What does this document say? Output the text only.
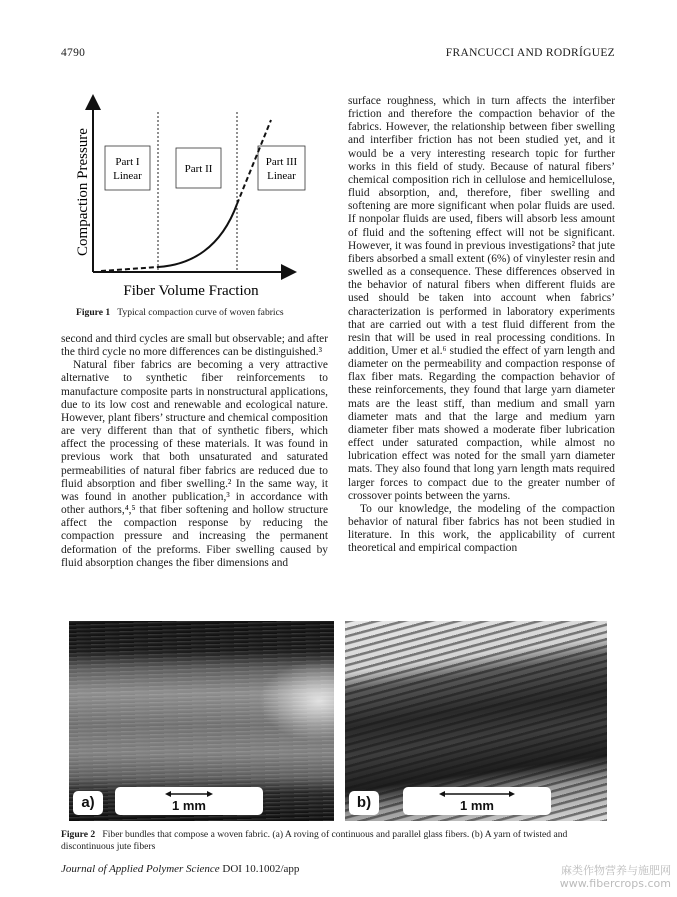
4790	FRANCUCCI AND RODRÍGUEZ
Part I
Linear
Part II
Part III
Linear
Compaction Pressure
Fiber Volume Fraction
Figure 1 Typical compaction curve of woven fabrics

second and third cycles are small but observable; and after the third cycle no more differences can be distinguished.³

Natural fiber fabrics are becoming a very attractive alternative to synthetic fiber reinforcements to manufacture composite parts in nonstructural applications, due to its low cost and renewable and ecological nature. However, plant fibers’ structure and chemical composition are very different than that of synthetic fibers, which affect the processing of these materials. It was found in previous work that both unsaturated and saturated permeabilities of natural fiber fabrics are reduced due to fluid absorption and fiber swelling.² In the same way, it was found in another publication,³ in accordance with other authors,⁴,⁵ that fiber softening and hollow structure affect the compaction response by reducing the compaction pressure and increasing the permanent deformation of the preforms. Fiber swelling caused by fluid absorption changes the fiber dimensions and

surface roughness, which in turn affects the interfiber friction and therefore the compaction behavior of the fabrics. However, the relationship between fiber swelling and interfiber friction has not been studied yet, and it would be a very interesting research topic for further works in this field of study. Because of natural fibers’ chemical composition rich in cellulose and hemicellulose, fluid absorption, and, therefore, fiber swelling and softening are more significant when polar fluids are used. If nonpolar fluids are used, fibers will absorb less amount of fluid and the softening effect will not be significant. However, it was found in previous investigations² that jute fibers absorbed a small extent (6%) of vinylester resin and swelled as a consequence. These differences observed in the behavior of natural fibers when different fluids are used should be taken into account when fabrics’ characterization is performed in laboratory experiments that are carried out with a test fluid different from the resin that will be used in real processing conditions. In addition, Umer et al.⁶ studied the effect of yarn length and diameter on the permeability and compaction response of flax fiber mats. Regarding the compaction behavior of these reinforcements, they found that large yarn diameter mats are the least stiff, than medium and small yarn diameter mats and that the large and medium yarn diameter fiber mats showed a moderate fiber lubrication effect under saturated compaction, while almost no lubrication effect was noted for the small yarn diameter mats. They also found that long yarn length mats required larger forces to compact due to the greater number of crossover points between the yarns.

To our knowledge, the modeling of the compaction behavior of natural fiber fabrics has not been studied in literature. In this work, the applicability of current theoretical and empirical compaction

a)	1 mm	b)	1 mm
Figure 2 Fiber bundles that compose a woven fabric. (a) A roving of continuous and parallel glass fibers. (b) A yarn of twisted and discontinuous jute fibers
Journal of Applied Polymer Science DOI 10.1002/app	麻类作物营养与施肥网
www.fibercrops.com
